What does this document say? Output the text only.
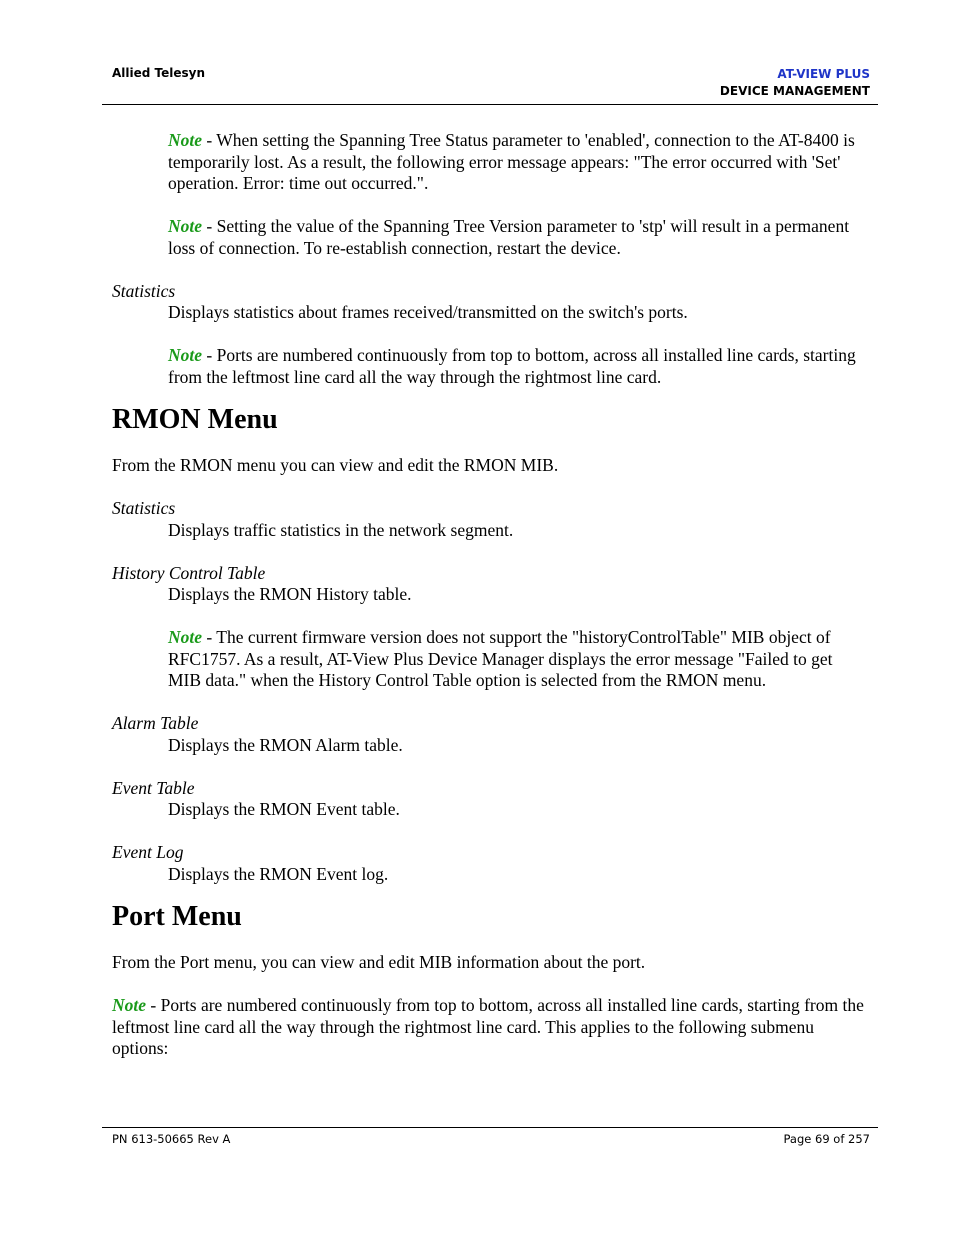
Allied Telesyn	AT-VIEW PLUS
DEVICE MANAGEMENT

Note - When setting the Spanning Tree Status parameter to 'enabled', connection to the AT-8400 is temporarily lost. As a result, the following error message appears: "The error occurred with 'Set' operation. Error: time out occurred.".

Note - Setting the value of the Spanning Tree Version parameter to 'stp' will result in a permanent loss of connection. To re-establish connection, restart the device.

Statistics

Displays statistics about frames received/transmitted on the switch's ports.

Note - Ports are numbered continuously from top to bottom, across all installed line cards, starting from the leftmost line card all the way through the rightmost line card.

RMON Menu

From the RMON menu you can view and edit the RMON MIB.

Statistics

Displays traffic statistics in the network segment.

History Control Table

Displays the RMON History table.

Note - The current firmware version does not support the "historyControlTable" MIB object of RFC1757. As a result, AT-View Plus Device Manager displays the error message "Failed to get MIB data." when the History Control Table option is selected from the RMON menu.

Alarm Table

Displays the RMON Alarm table.

Event Table

Displays the RMON Event table.

Event Log

Displays the RMON Event log.

Port Menu

From the Port menu, you can view and edit MIB information about the port.

Note - Ports are numbered continuously from top to bottom, across all installed line cards, starting from the leftmost line card all the way through the rightmost line card. This applies to the following submenu options:

PN 613-50665 Rev A	Page 69 of 257
